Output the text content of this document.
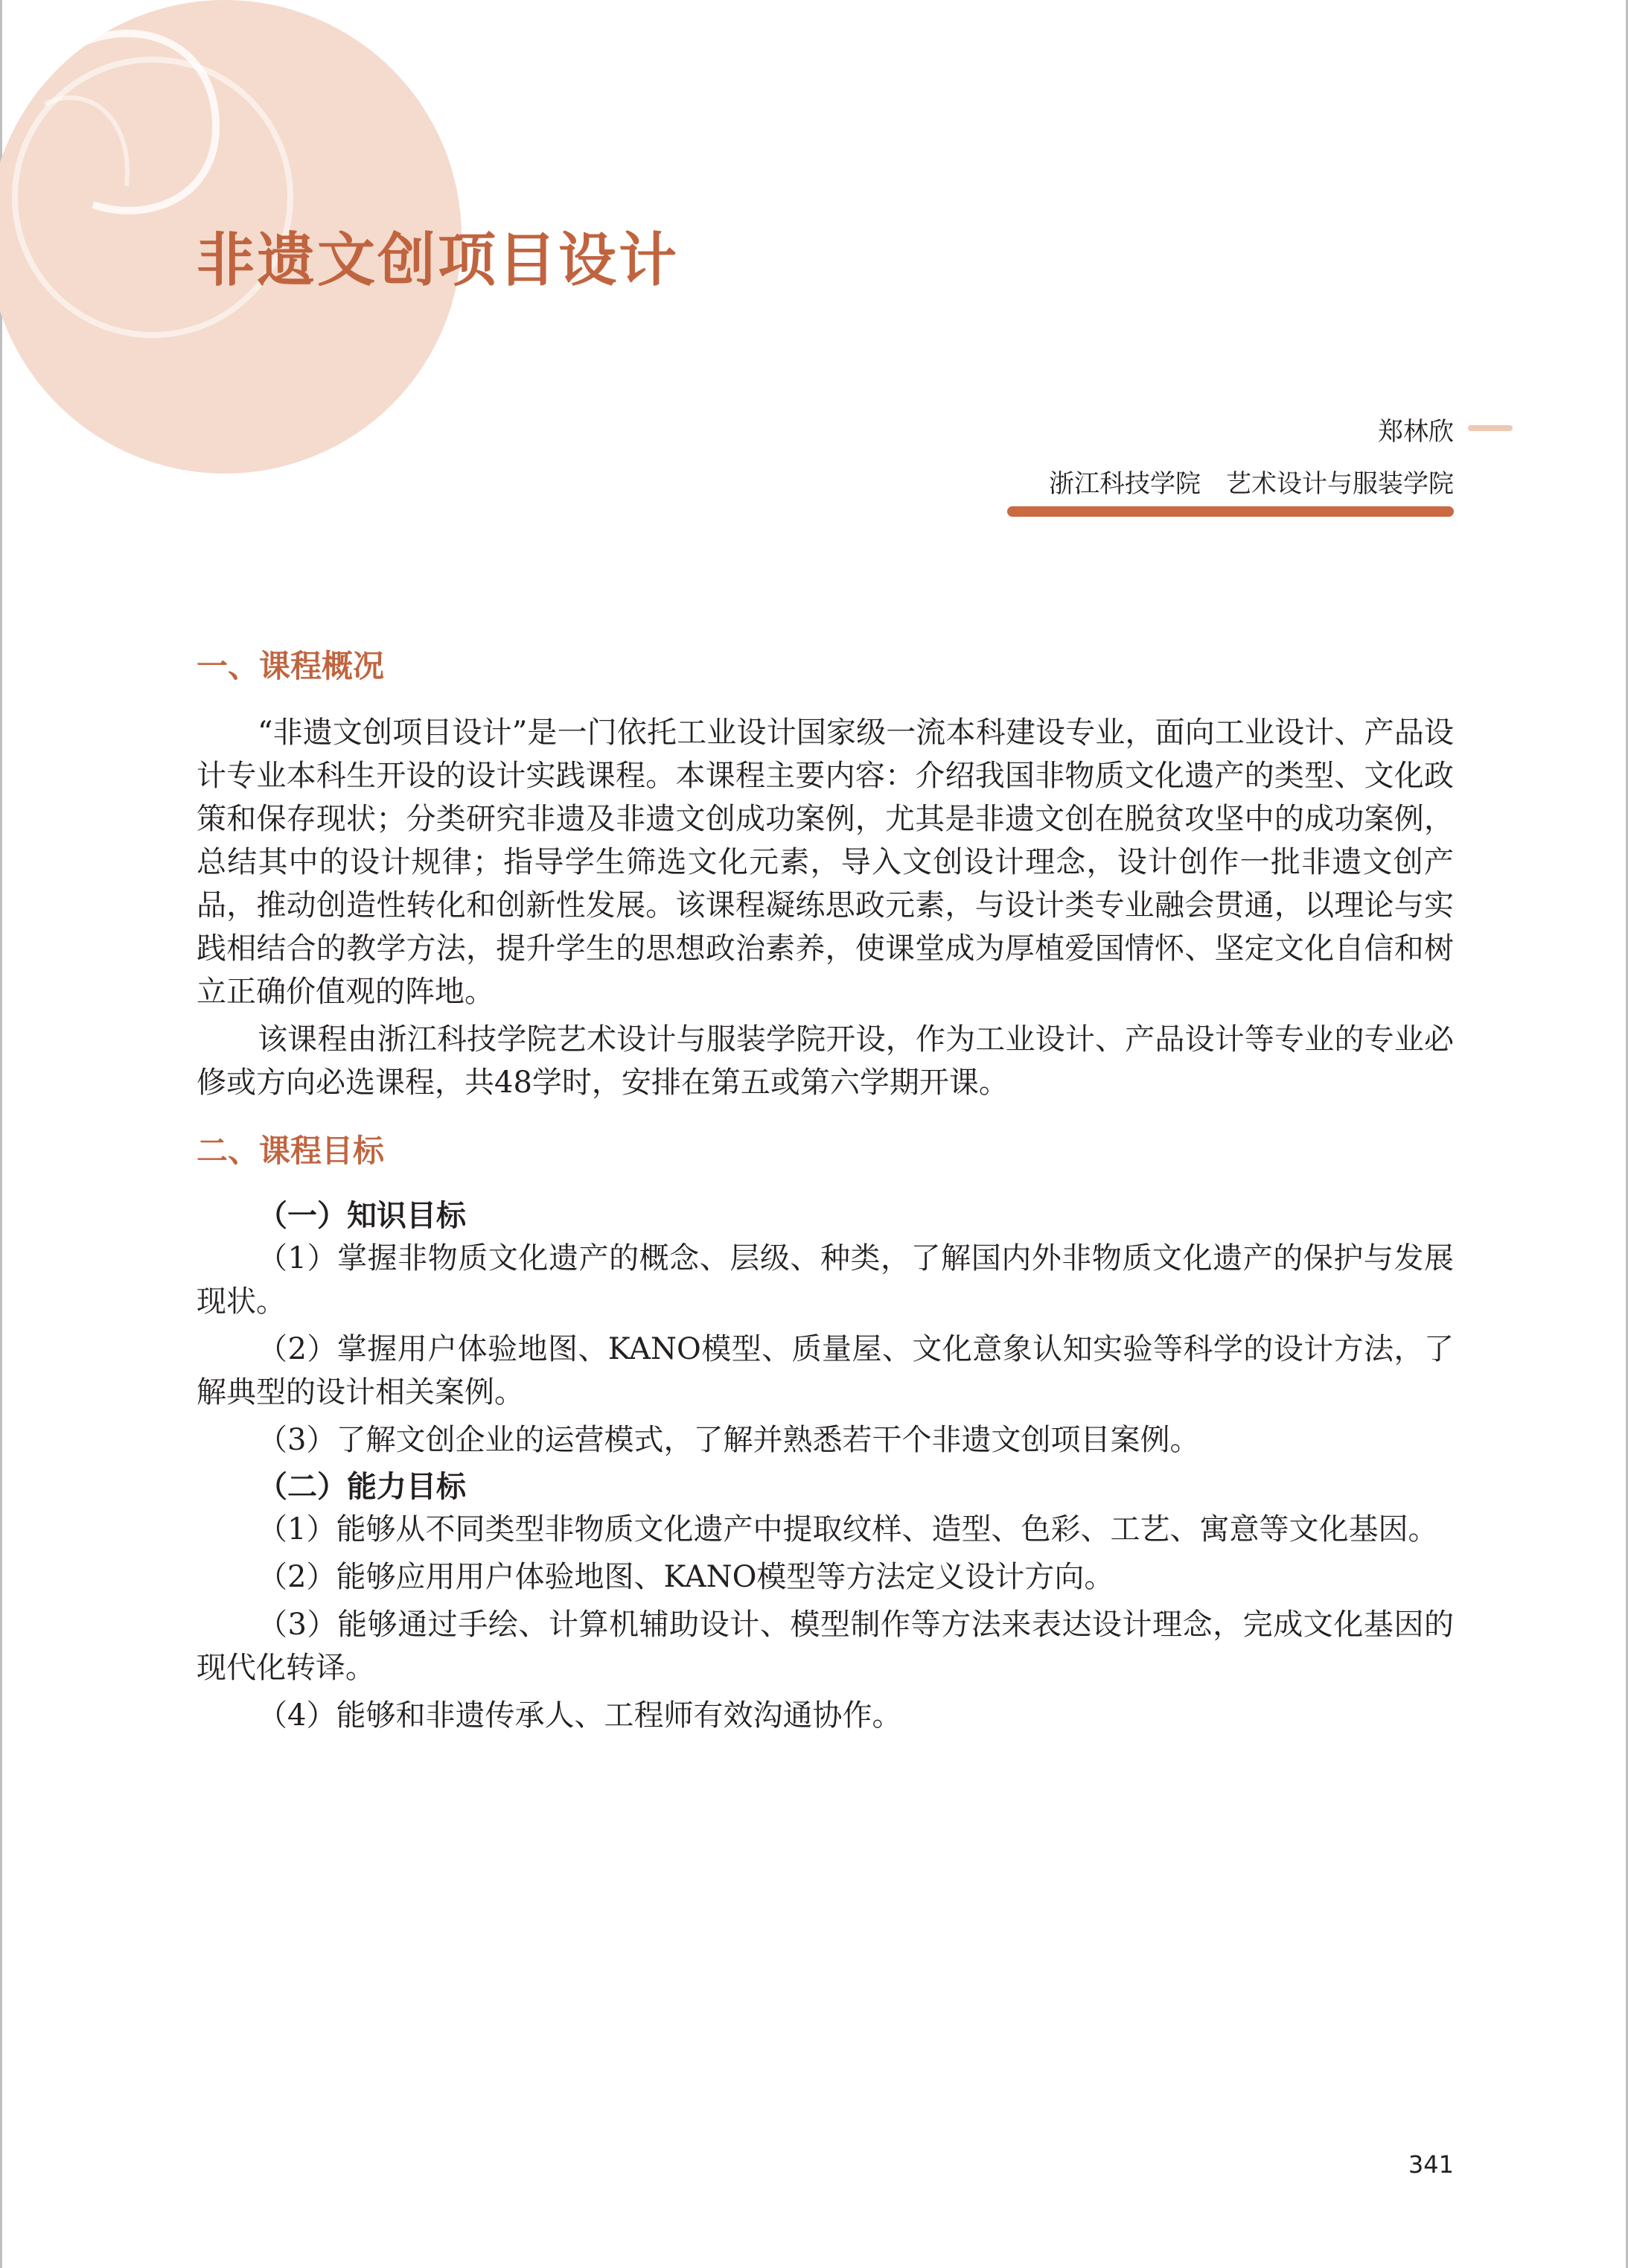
非遗文创项目设计
郑林欣
浙江科技学院　艺术设计与服装学院
一、课程概况

“非遗文创项目设计”是一门依托工业设计国家级一流本科建设专业，面向工业设计、产品设计专业本科生开设的设计实践课程。本课程主要内容：介绍我国非物质文化遗产的类型、文化政策和保存现状；分类研究非遗及非遗文创成功案例，尤其是非遗文创在脱贫攻坚中的成功案例，总结其中的设计规律；指导学生筛选文化元素，导入文创设计理念，设计创作一批非遗文创产品，推动创造性转化和创新性发展。该课程凝练思政元素，与设计类专业融会贯通，以理论与实践相结合的教学方法，提升学生的思想政治素养，使课堂成为厚植爱国情怀、坚定文化自信和树立正确价值观的阵地。

该课程由浙江科技学院艺术设计与服装学院开设，作为工业设计、产品设计等专业的专业必修或方向必选课程，共48学时，安排在第五或第六学期开课。

二、课程目标
（一）知识目标

（1）掌握非物质文化遗产的概念、层级、种类，了解国内外非物质文化遗产的保护与发展现状。

（2）掌握用户体验地图、KANO模型、质量屋、文化意象认知实验等科学的设计方法，了解典型的设计相关案例。

（3）了解文创企业的运营模式，了解并熟悉若干个非遗文创项目案例。

（二）能力目标

（1）能够从不同类型非物质文化遗产中提取纹样、造型、色彩、工艺、寓意等文化基因。

（2）能够应用用户体验地图、KANO模型等方法定义设计方向。

（3）能够通过手绘、计算机辅助设计、模型制作等方法来表达设计理念，完成文化基因的现代化转译。

（4）能够和非遗传承人、工程师有效沟通协作。

341
